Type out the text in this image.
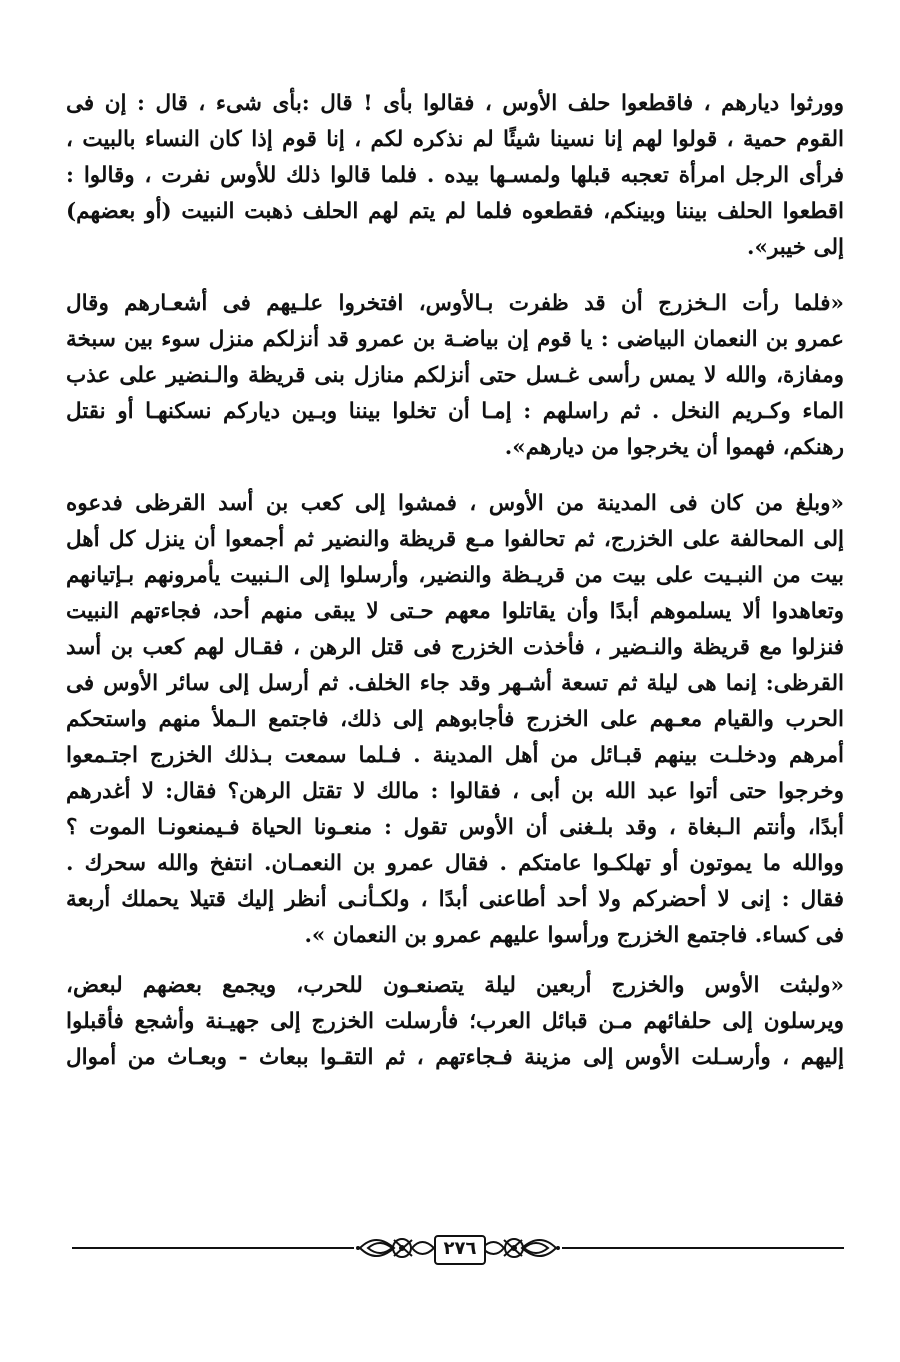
وورثوا ديارهم ، فاقطعوا حلف الأوس ، فقالوا بأى ! قال :بأى شىء ، قال : إن فى
القوم حمية ، قولوا لهم إنا نسينا شيئًا لم نذكره لكم ، إنا قوم إذا كان النساء بالبيت ،
فرأى الرجل امرأة تعجبه قبلها ولمسـها بيده . فلما قالوا ذلك للأوس نفرت ، وقالوا :
اقطعوا الحلف بيننا وبينكم، فقطعوه فلما لم يتم لهم الحلف ذهبت النبيت (أو بعضهم)
إلى خيبر».
«فلما رأت الـخزرج أن قد ظفرت بـالأوس، افتخروا علـيهم فى أشعـارهم وقال
عمرو بن النعمان البياضى : يا قوم إن بياضـة بن عمرو قد أنزلكم منزل سوء بين سبخة
ومفازة، والله لا يمس رأسى غـسل حتى أنزلكم منازل بنى قريظة والـنضير على عذب
الماء وكـريم النخل . ثم راسلهم : إمـا أن تخلوا بيننا وبـين ديارکم نسكنهـا أو نقتل
رهنكم، فهموا أن يخرجوا من ديارهم».
«وبلغ من كان فى المدينة من الأوس ، فمشوا إلى كعب بن أسد القرظى فدعوه
إلى المحالفة على الخزرج، ثم تحالفوا مـع قريظة والنضير ثم أجمعوا أن ينزل كل أهل
بيت من النبـيت على بيت من قريـظة والنضير، وأرسلوا إلى الـنبيت يأمرونهم بـإتيانهم
وتعاهدوا ألا يسلموهم أبدًا وأن يقاتلوا معهم حـتى لا يبقى منهم أحد، فجاءتهم النبيت
فنزلوا مع قريظة والنـضير ، فأخذت الخزرج فى قتل الرهن ، فقـال لهم كعب بن أسد
القرظى: إنما هى ليلة ثم تسعة أشـهر وقد جاء الخلف. ثم أرسل إلى سائر الأوس فى
الحرب والقيام معـهم على الخزرج فأجابوهم إلى ذلك، فاجتمع الـملأ منهم واستحكم
أمرهم ودخلـت بينهم قبـائل من أهل المدينة . فـلما سمعت بـذلك الخزرج اجتـمعوا
وخرجوا حتى أتوا عبد الله بن أبى ، فقالوا : مالك لا تقتل الرهن؟ فقال: لا أغدرهم
أبدًا، وأنتم الـبغاة ، وقد بلـغنى أن الأوس تقول : منعـونا الحياة فـيمنعونـا الموت ؟
ووالله ما يموتون أو تهلكـوا عامتكم . فقال عمرو بن النعمـان. انتفخ والله سحرك .
فقال : إنى لا أحضركم ولا أحد أطاعنى أبدًا ، ولكـأنـى أنظر إليك قتيلا يحملك أربعة
فى كساء. فاجتمع الخزرج ورأسوا عليهم عمرو بن النعمان ».
«ولبثت الأوس والخزرج أربعين ليلة يتصنعـون للحرب، ويجمع بعضهم لبعض،
ويرسلون إلى حلفائهم مـن قبائل العرب؛ فأرسلت الخزرج إلى جهيـنة وأشجع فأقبلوا
إليهم ، وأرسـلت الأوس إلى مزينة فـجاءتهم ، ثم التقـوا ببعاث - وبعـاث من أموال
٢٧٦
